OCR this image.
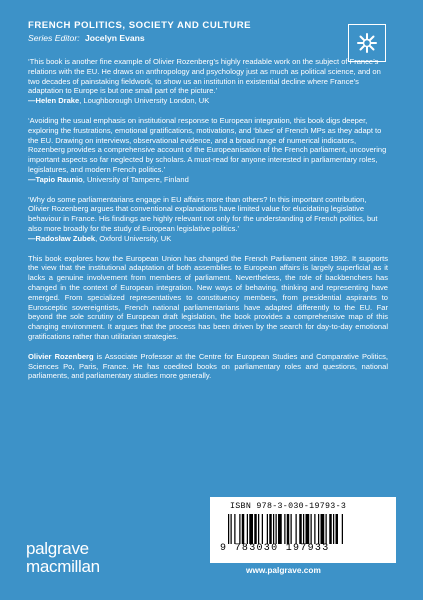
FRENCH POLITICS, SOCIETY AND CULTURE
Series Editor: Jocelyn Evans

‘This book is another fine example of Olivier Rozenberg’s highly readable work on the subject of France’s relations with the EU. He draws on anthropology and psychology just as much as political science, and on two decades of painstaking fieldwork, to show us an institution in existential decline where France’s adaptation to Europe is but one small part of the picture.’

—Helen Drake, Loughborough University London, UK

‘Avoiding the usual emphasis on institutional response to European integration, this book digs deeper, exploring the frustrations, emotional gratifications, motivations, and ‘blues’ of French MPs as they adapt to the EU. Drawing on interviews, observational evidence, and a broad range of numerical indicators, Rozenberg provides a comprehensive account of the Europeanisation of the French parliament, uncovering important aspects so far neglected by scholars. A must-read for anyone interested in parliamentary roles, legislatures, and modern French politics.’

—Tapio Raunio, University of Tampere, Finland

‘Why do some parliamentarians engage in EU affairs more than others? In this important contribution, Olivier Rozenberg argues that conventional explanations have limited value for elucidating legislative behaviour in France. His findings are highly relevant not only for the understanding of French politics, but also more broadly for the study of European legislative politics.’

—Radosław Zubek, Oxford University, UK

This book explores how the European Union has changed the French Parliament since 1992. It supports the view that the institutional adaptation of both assemblies to European affairs is largely superficial as it lacks a genuine involvement from members of parliament. Nevertheless, the role of backbenchers has changed in the context of European integration. New ways of behaving, thinking and representing have emerged. From specialized representatives to constituency members, from presidential aspirants to Eurosceptic sovereigntists, French national parliamentarians have adapted differently to the EU. Far beyond the sole scrutiny of European draft legislation, the book provides a comprehensive map of this changing environment. It argues that the process has been driven by the search for day-to-day emotional gratifications rather than utilitarian strategies.

Olivier Rozenberg is Associate Professor at the Centre for European Studies and Comparative Politics, Sciences Po, Paris, France. He has coedited books on parliamentary roles and questions, national parliaments, and parliamentary studies more generally.

ISBN 978-3-030-19793-3
9 783030 197933
www.palgrave.com
palgrave
macmillan
